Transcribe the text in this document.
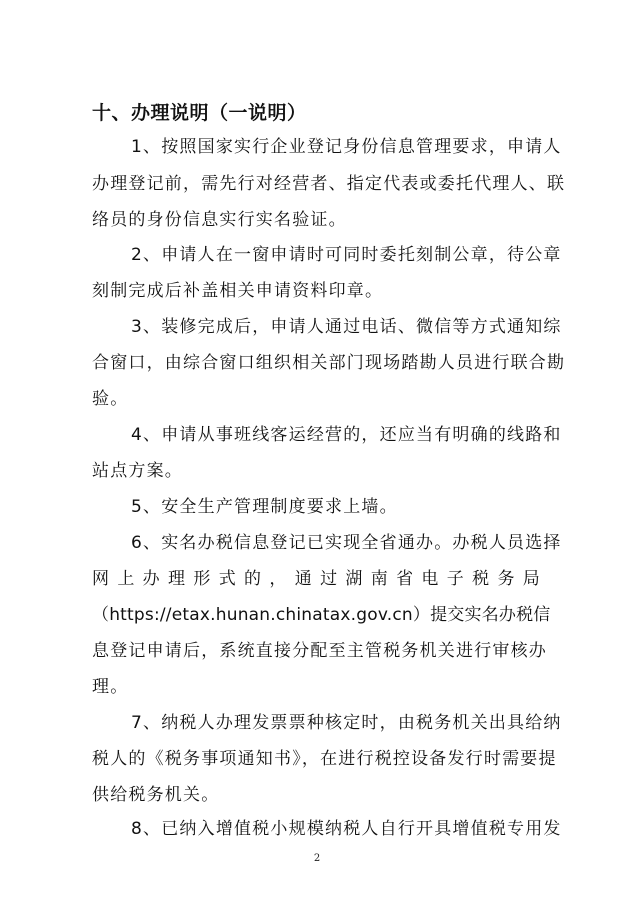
十、办理说明（一说明）
1、按照国家实行企业登记身份信息管理要求，申请人
办理登记前，需先行对经营者、指定代表或委托代理人、联
络员的身份信息实行实名验证。
2、申请人在一窗申请时可同时委托刻制公章，待公章
刻制完成后补盖相关申请资料印章。
3、装修完成后，申请人通过电话、微信等方式通知综
合窗口，由综合窗口组织相关部门现场踏勘人员进行联合勘
验。
4、申请从事班线客运经营的，还应当有明确的线路和
站点方案。
5、安全生产管理制度要求上墙。
6、实名办税信息登记已实现全省通办。办税人员选择
网上办理形式的，通过湖南省电子税务局
（https://etax.hunan.chinatax.gov.cn）提交实名办税信
息登记申请后，系统直接分配至主管税务机关进行审核办
理。
7、纳税人办理发票票种核定时，由税务机关出具给纳
税人的《税务事项通知书》，在进行税控设备发行时需要提
供给税务机关。
8、已纳入增值税小规模纳税人自行开具增值税专用发
2
